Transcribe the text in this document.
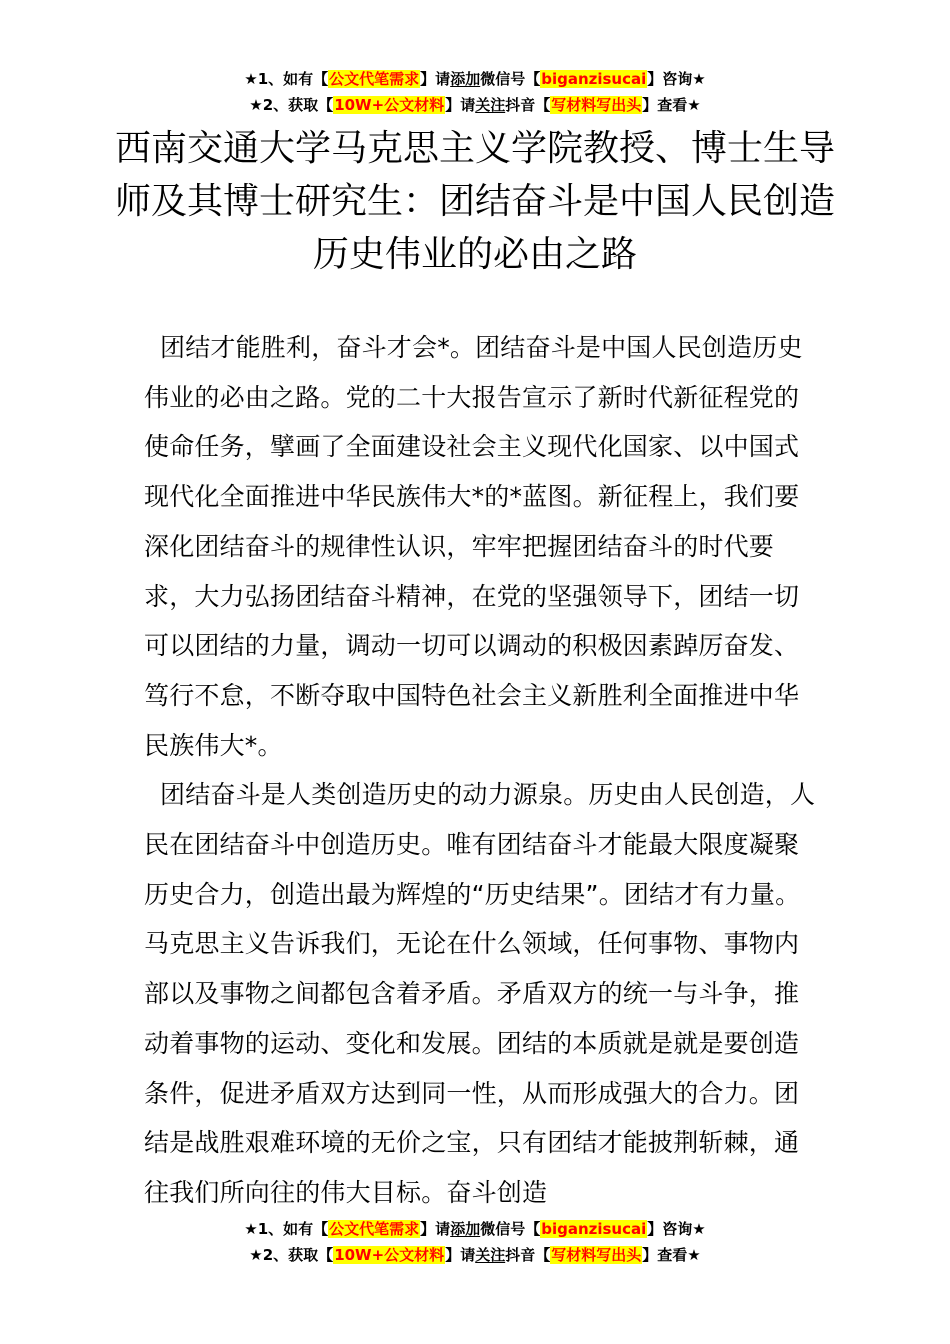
★1、如有【公文代笔需求】请添加微信号【biganzisucai】咨询★
★2、获取【10W+公文材料】请关注抖音【写材料写出头】查看★
西南交通大学马克思主义学院教授、博士生导师及其博士研究生：团结奋斗是中国人民创造历史伟业的必由之路

团结才能胜利，奋斗才会*。团结奋斗是中国人民创造历史伟业的必由之路。党的二十大报告宣示了新时代新征程党的使命任务，擘画了全面建设社会主义现代化国家、以中国式现代化全面推进中华民族伟大*的*蓝图。新征程上，我们要深化团结奋斗的规律性认识，牢牢把握团结奋斗的时代要求，大力弘扬团结奋斗精神，在党的坚强领导下，团结一切可以团结的力量，调动一切可以调动的积极因素踔厉奋发、笃行不怠，不断夺取中国特色社会主义新胜利全面推进中华民族伟大*。

团结奋斗是人类创造历史的动力源泉。历史由人民创造，人民在团结奋斗中创造历史。唯有团结奋斗才能最大限度凝聚历史合力，创造出最为辉煌的“历史结果”。团结才有力量。马克思主义告诉我们，无论在什么领域，任何事物、事物内部以及事物之间都包含着矛盾。矛盾双方的统一与斗争，推动着事物的运动、变化和发展。团结的本质就是就是要创造条件，促进矛盾双方达到同一性，从而形成强大的合力。团结是战胜艰难环境的无价之宝，只有团结才能披荆斩棘，通往我们所向往的伟大目标。奋斗创造

★1、如有【公文代笔需求】请添加微信号【biganzisucai】咨询★
★2、获取【10W+公文材料】请关注抖音【写材料写出头】查看★
